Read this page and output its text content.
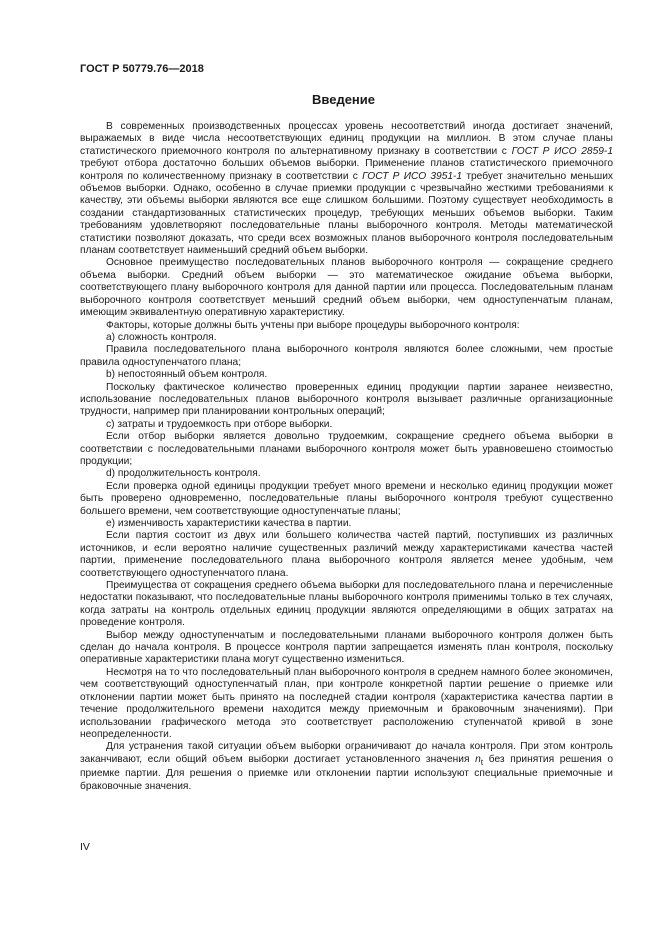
ГОСТ Р 50779.76—2018

Введение

В современных производственных процессах уровень несоответствий иногда достигает значений, выражаемых в виде числа несоответствующих единиц продукции на миллион. В этом случае планы статистического приемочного контроля по альтернативному признаку в соответствии с ГОСТ Р ИСО 2859-1 требуют отбора достаточно больших объемов выборки. Применение планов статистического приемочного контроля по количественному признаку в соответствии с ГОСТ Р ИСО 3951-1 требует значительно меньших объемов выборки. Однако, особенно в случае приемки продукции с чрезвычайно жесткими требованиями к качеству, эти объемы выборки являются все еще слишком большими. Поэтому существует необходимость в создании стандартизованных статистических процедур, требующих меньших объемов выборки. Таким требованиям удовлетворяют последовательные планы выборочного контроля. Методы математической статистики позволяют доказать, что среди всех возможных планов выборочного контроля последовательным планам соответствует наименьший средний объем выборки.

Основное преимущество последовательных планов выборочного контроля — сокращение среднего объема выборки. Средний объем выборки — это математическое ожидание объема выборки, соответствующего плану выборочного контроля для данной партии или процесса. Последовательным планам выборочного контроля соответствует меньший средний объем выборки, чем одноступенчатым планам, имеющим эквивалентную оперативную характеристику.

Факторы, которые должны быть учтены при выборе процедуры выборочного контроля:

a) сложность контроля.

Правила последовательного плана выборочного контроля являются более сложными, чем простые правила одноступенчатого плана;

b) непостоянный объем контроля.

Поскольку фактическое количество проверенных единиц продукции партии заранее неизвестно, использование последовательных планов выборочного контроля вызывает различные организационные трудности, например при планировании контрольных операций;

c) затраты и трудоемкость при отборе выборки.

Если отбор выборки является довольно трудоемким, сокращение среднего объема выборки в соответствии с последовательными планами выборочного контроля может быть уравновешено стоимостью продукции;

d) продолжительность контроля.

Если проверка одной единицы продукции требует много времени и несколько единиц продукции может быть проверено одновременно, последовательные планы выборочного контроля требуют существенно большего времени, чем соответствующие одноступенчатые планы;

e) изменчивость характеристики качества в партии.

Если партия состоит из двух или большего количества частей партий, поступивших из различных источников, и если вероятно наличие существенных различий между характеристиками качества частей партии, применение последовательного плана выборочного контроля является менее удобным, чем соответствующего одноступенчатого плана.

Преимущества от сокращения среднего объема выборки для последовательного плана и перечисленные недостатки показывают, что последовательные планы выборочного контроля применимы только в тех случаях, когда затраты на контроль отдельных единиц продукции являются определяющими в общих затратах на проведение контроля.

Выбор между одноступенчатым и последовательными планами выборочного контроля должен быть сделан до начала контроля. В процессе контроля партии запрещается изменять план контроля, поскольку оперативные характеристики плана могут существенно измениться.

Несмотря на то что последовательный план выборочного контроля в среднем намного более экономичен, чем соответствующий одноступенчатый план, при контроле конкретной партии решение о приемке или отклонении партии может быть принято на последней стадии контроля (характеристика качества партии в течение продолжительного времени находится между приемочным и браковочным значениями). При использовании графического метода это соответствует расположению ступенчатой кривой в зоне неопределенности.

Для устранения такой ситуации объем выборки ограничивают до начала контроля. При этом контроль заканчивают, если общий объем выборки достигает установленного значения $n_t$ без принятия решения о приемке партии. Для решения о приемке или отклонении партии используют специальные приемочные и браковочные значения.

IV
